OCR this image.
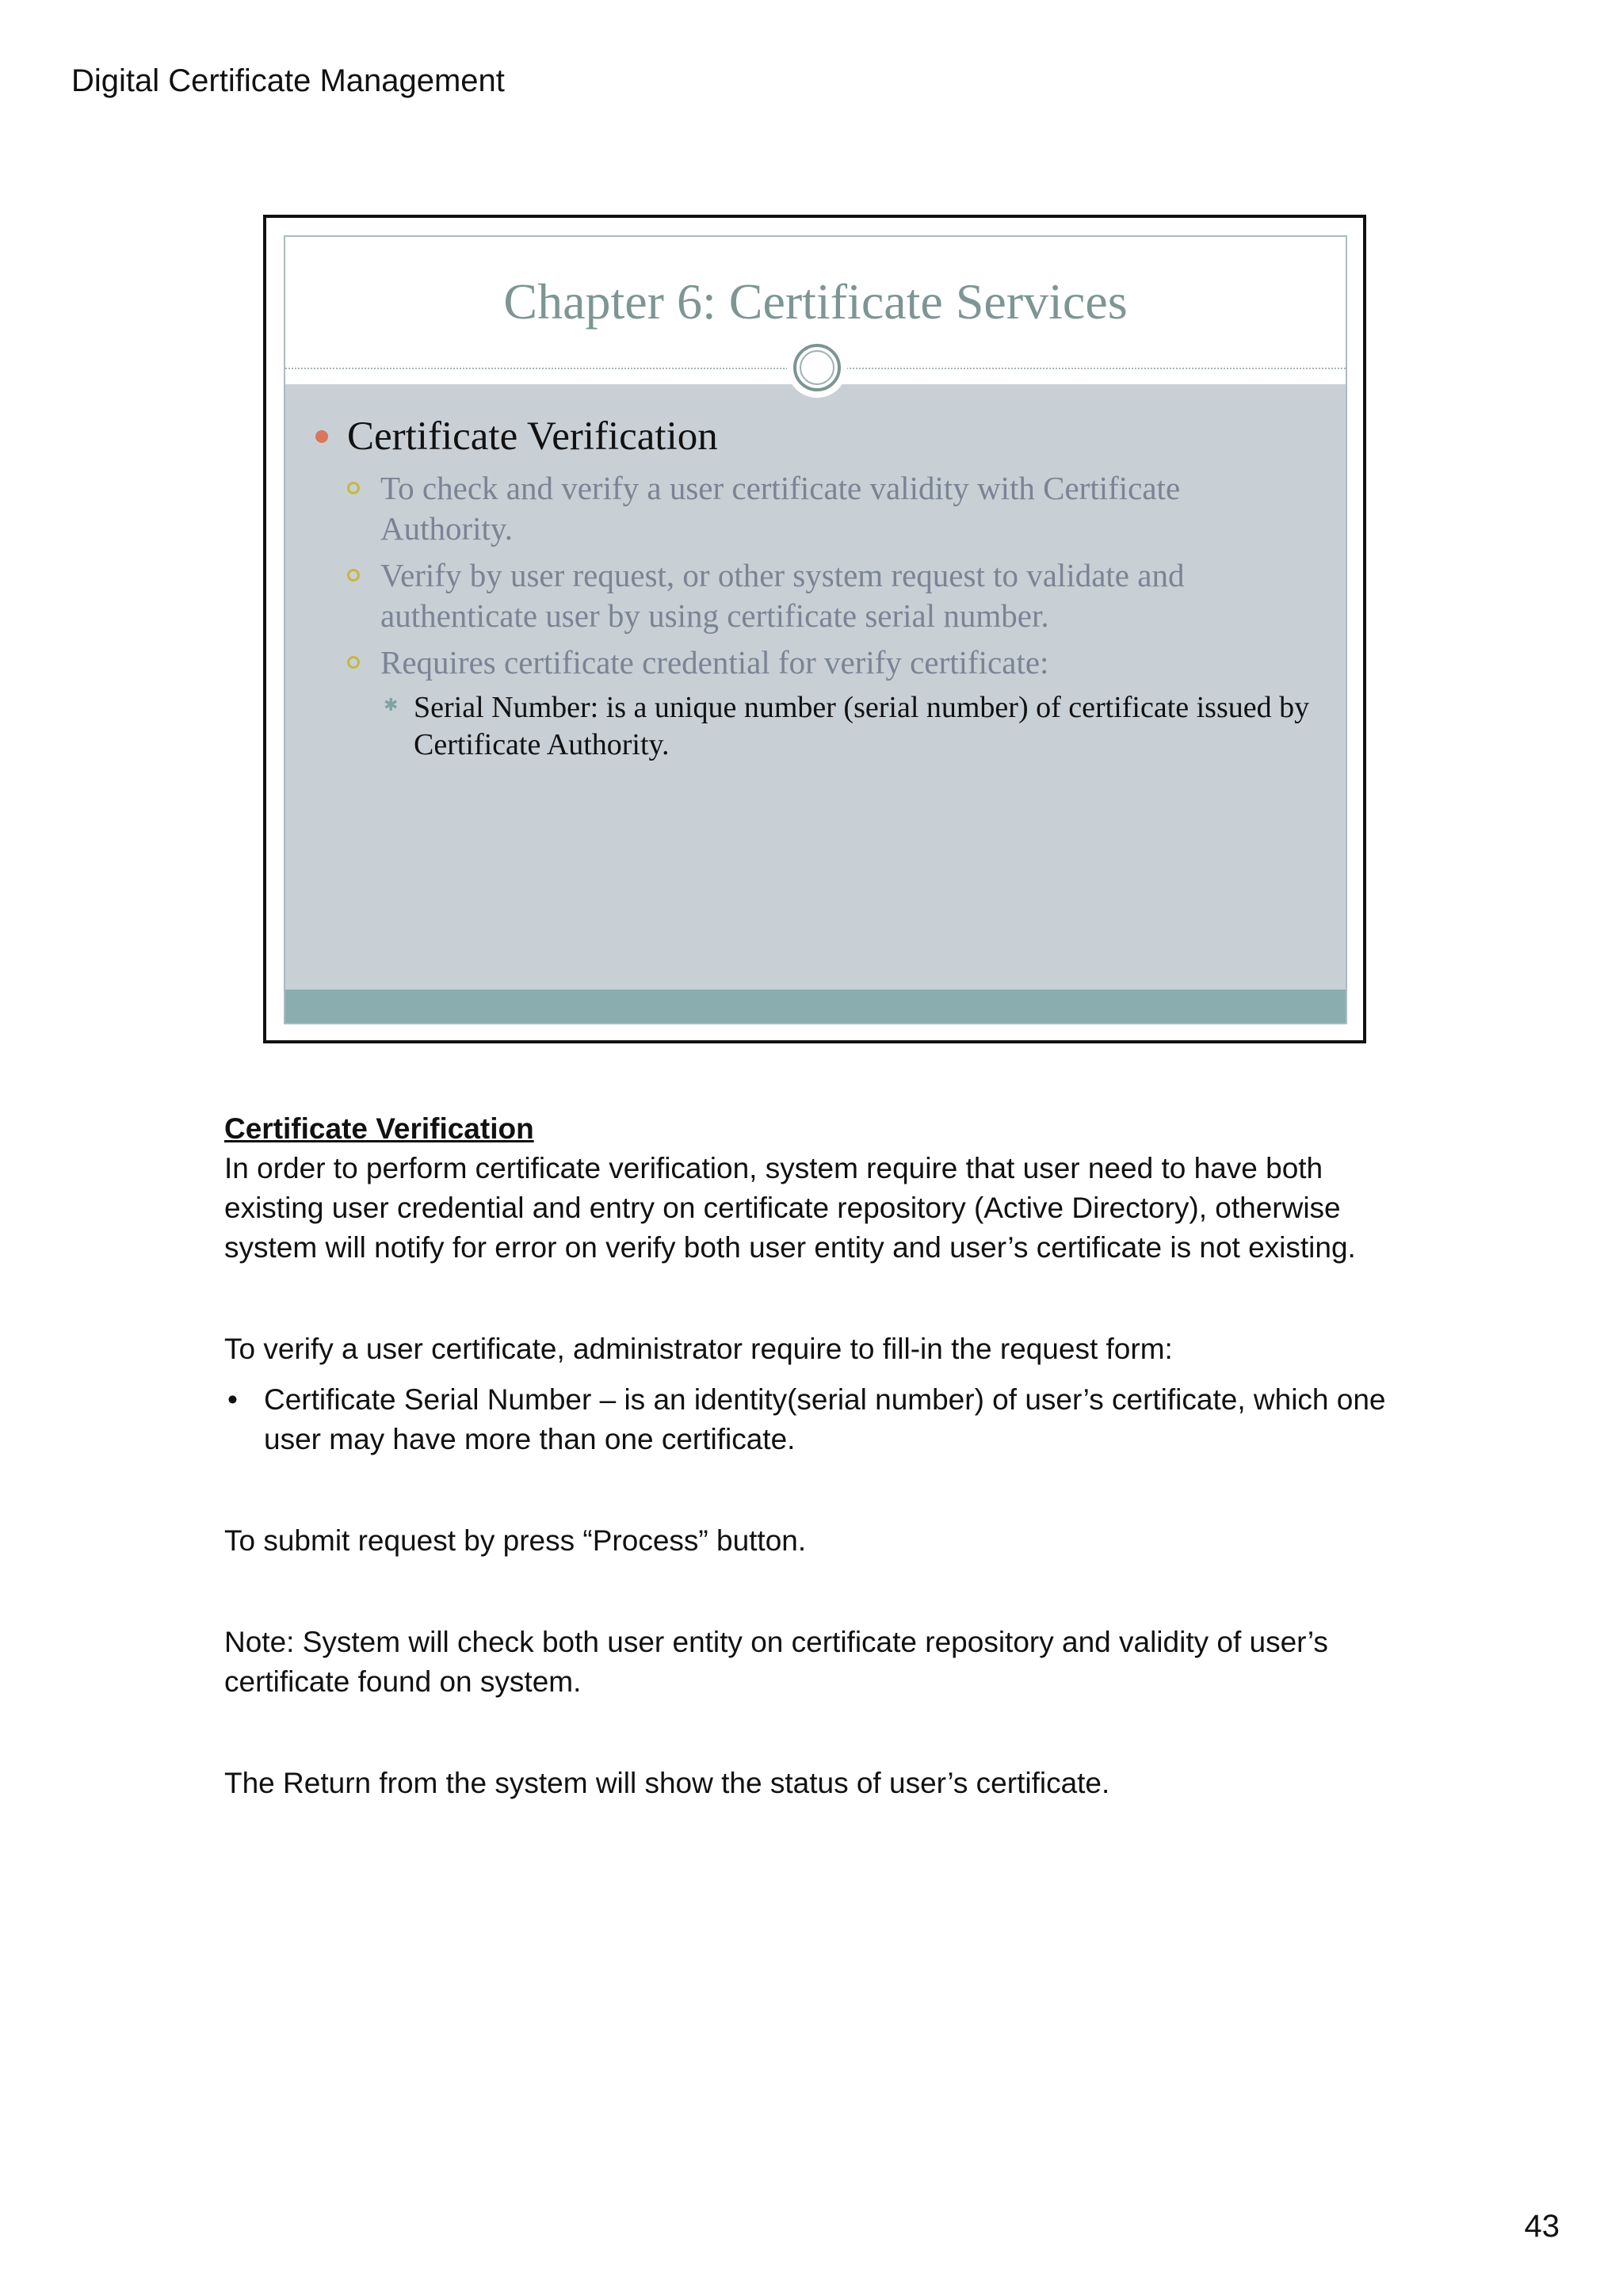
Digital Certificate Management
Chapter 6: Certificate Services
Certificate Verification
To check and verify a user certificate validity with Certificate Authority.
Verify by user request, or other system request to validate and authenticate user by using certificate serial number.
Requires certificate credential for verify certificate:
✱ Serial Number: is a unique number (serial number) of certificate issued by Certificate Authority.

Certificate Verification

In order to perform certificate verification, system require that user need to have both existing user credential and entry on certificate repository (Active Directory), otherwise system will notify for error on verify both user entity and user’s certificate is not existing.

To verify a user certificate, administrator require to fill-in the request form:

• Certificate Serial Number – is an identity(serial number) of user’s certificate, which one user may have more than one certificate.

To submit request by press “Process” button.

Note: System will check both user entity on certificate repository and validity of user’s certificate found on system.

The Return from the system will show the status of user’s certificate.

43
